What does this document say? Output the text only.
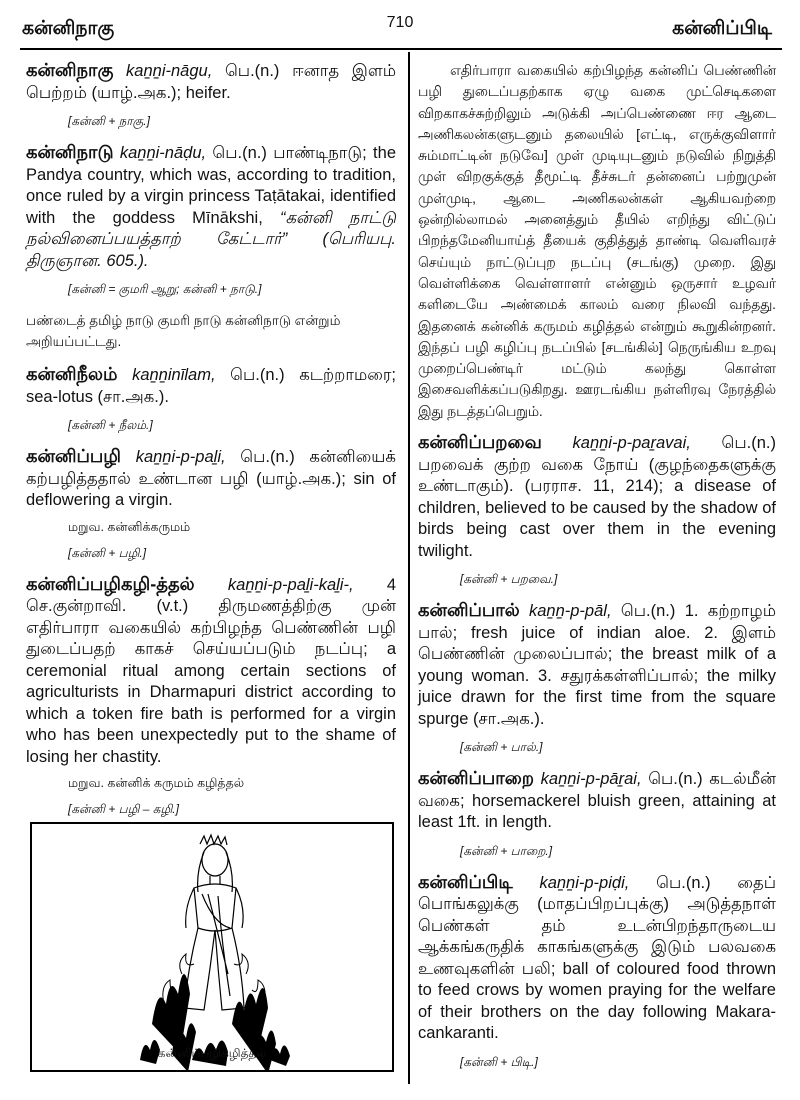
கன்னிநாகு	710	கன்னிப்பிடி
கன்னிநாகு kaṉṉi-nāgu, பெ.(n.) ஈனாத இளம் பெற்றம் (யாழ்.அக.); heifer.
[கன்னி + நாகு.]
கன்னிநாடு kaṉṉi-nāḍu, பெ.(n.) பாண்டிநாடு; the Pandya country, which was, according to tradition, once ruled by a virgin princess Taṭātakai, identified with the goddess Mīnākshi, “கன்னி நாட்டு நல்வினைப்பயத்தாற் கேட்டார்” (பெரியபு. திருஞான. 605.).
[கன்னி = குமரி ஆறு; கன்னி + நாடு.]
பண்டைத் தமிழ் நாடு குமரி நாடு கன்னிநாடு என்றும் அறியப்பட்டது.
கன்னிநீலம் kaṉṉinīlam, பெ.(n.) கடற்றாமரை; sea-lotus (சா.அக.).
[கன்னி + நீலம்.]
கன்னிப்பழி kaṉṉi-p-paḻi, பெ.(n.) கன்னியைக் கற்பழித்ததால் உண்டான பழி (யாழ்.அக.); sin of deflowering a virgin.
மறுவ. கன்னிக்கருமம்
[கன்னி + பழி.]
கன்னிப்பழிகழி-த்தல் kaṉṉi-p-paḻi-kaḻi-, 4 செ.குன்றாவி. (v.t.) திருமணத்திற்கு முன் எதிர்பாரா வகையில் கற்பிழந்த பெண்ணின் பழி துடைப்பதற் காகச் செய்யப்படும் நடப்பு; a ceremonial ritual among certain sections of agriculturists in Dharmapuri district according to which a token fire bath is performed for a virgin who has been unexpectedly put to the shame of losing her chastity.
மறுவ. கன்னிக் கருமம் கழித்தல்
[கன்னி + பழி – கழி.]
கன்னிப்பழிகழித்தல்
எதிர்பாரா வகையில் கற்பிழந்த கன்னிப் பெண்ணின் பழி துடைப்பதற்காக ஏழு வகை முட்செடிகளை விறகாகச்சுற்றிலும் அடுக்கி அப்பெண்ணை ஈர ஆடை அணிகலன்களுடனும் தலையில் [எட்டி, எருக்குவிளார் சும்மாட்டின் நடுவே] முள் முடியுடனும் நடுவில் நிறுத்தி முள் விறகுக்குத் தீமூட்டி தீச்சுடர் தன்னைப் பற்றுமுன் முள்முடி, ஆடை அணிகலன்கள் ஆகியவற்றை ஒன்றில்லாமல் அனைத்தும் தீயில் எறிந்து விட்டுப் பிறந்தமேனியாய்த் தீயைக் குதித்துத் தாண்டி வெளிவரச் செய்யும் நாட்டுப்புற நடப்பு (சடங்கு) முறை. இது வெள்ளிக்கை வெள்ளாளர் என்னும் ஒருசார் உழவர் களிடையே அண்மைக் காலம் வரை நிலவி வந்தது. இதனைக் கன்னிக் கருமம் கழித்தல் என்றும் கூறுகின்றனர். இந்தப் பழி கழிப்பு நடப்பில் [சடங்கில்] நெருங்கிய உறவு முறைப்பெண்டிர் மட்டும் கலந்து கொள்ள இசைவளிக்கப்படுகிறது. ஊரடங்கிய நள்ளிரவு நேரத்தில் இது நடத்தப்பெறும்.
கன்னிப்பறவை kaṉṉi-p-paṟavai, பெ.(n.) பறவைக் குற்ற வகை நோய் (குழந்தைகளுக்கு உண்டாகும்). (பரராச. 11, 214); a disease of children, believed to be caused by the shadow of birds being cast over them in the evening twilight.
[கன்னி + பறவை.]
கன்னிப்பால் kaṉṉ-p-pāl, பெ.(n.) 1. கற்றாழம் பால்; fresh juice of indian aloe. 2. இளம் பெண்ணின் முலைப்பால்; the breast milk of a young woman. 3. சதுரக்கள்ளிப்பால்; the milky juice drawn for the first time from the square spurge (சா.அக.).
[கன்னி + பால்.]
கன்னிப்பாறை kaṉṉi-p-pāṟai, பெ.(n.) கடல்மீன் வகை; horsemackerel bluish green, attaining at least 1ft. in length.
[கன்னி + பாறை.]
கன்னிப்பிடி kaṉṉi-p-piḍi, பெ.(n.) தைப் பொங்கலுக்கு (மாதப்பிறப்புக்கு) அடுத்தநாள் பெண்கள் தம் உடன்பிறந்தாருடைய ஆக்கங்கருதிக் காகங்களுக்கு இடும் பலவகை உணவுகளின் பலி; ball of coloured food thrown to feed crows by women praying for the welfare of their brothers on the day following Makara-cankaranti.
[கன்னி + பிடி.]
